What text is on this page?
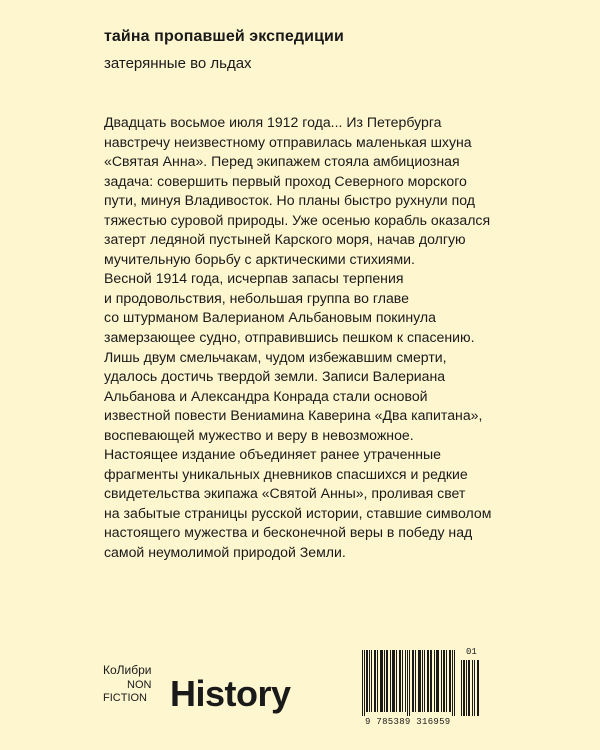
тайна пропавшей экспедиции
затерянные во льдах

Двадцать восьмое июля 1912 года... Из Петербурга
навстречу неизвестному отправилась маленькая шхуна
«Святая Анна». Перед экипажем стояла амбициозная
задача: совершить первый проход Северного морского
пути, минуя Владивосток. Но планы быстро рухнули под
тяжестью суровой природы. Уже осенью корабль оказался
затерт ледяной пустыней Карского моря, начав долгую
мучительную борьбу с арктическими стихиями.
Весной 1914 года, исчерпав запасы терпения
и продовольствия, небольшая группа во главе
со штурманом Валерианом Альбановым покинула
замерзающее судно, отправившись пешком к спасению.
Лишь двум смельчакам, чудом избежавшим смерти,
удалось достичь твердой земли. Записи Валериана
Альбанова и Александра Конрада стали основой
известной повести Вениамина Каверина «Два капитана»,
воспевающей мужество и веру в невозможное.
Настоящее издание объединяет ранее утраченные
фрагменты уникальных дневников спасшихся и редкие
свидетельства экипажа «Святой Анны», проливая свет
на забытые страницы русской истории, ставшие символом
настоящего мужества и бесконечной веры в победу над
самой неумолимой природой Земли.

КоЛибри
NON
FICTION History
9 785389 316959
01
